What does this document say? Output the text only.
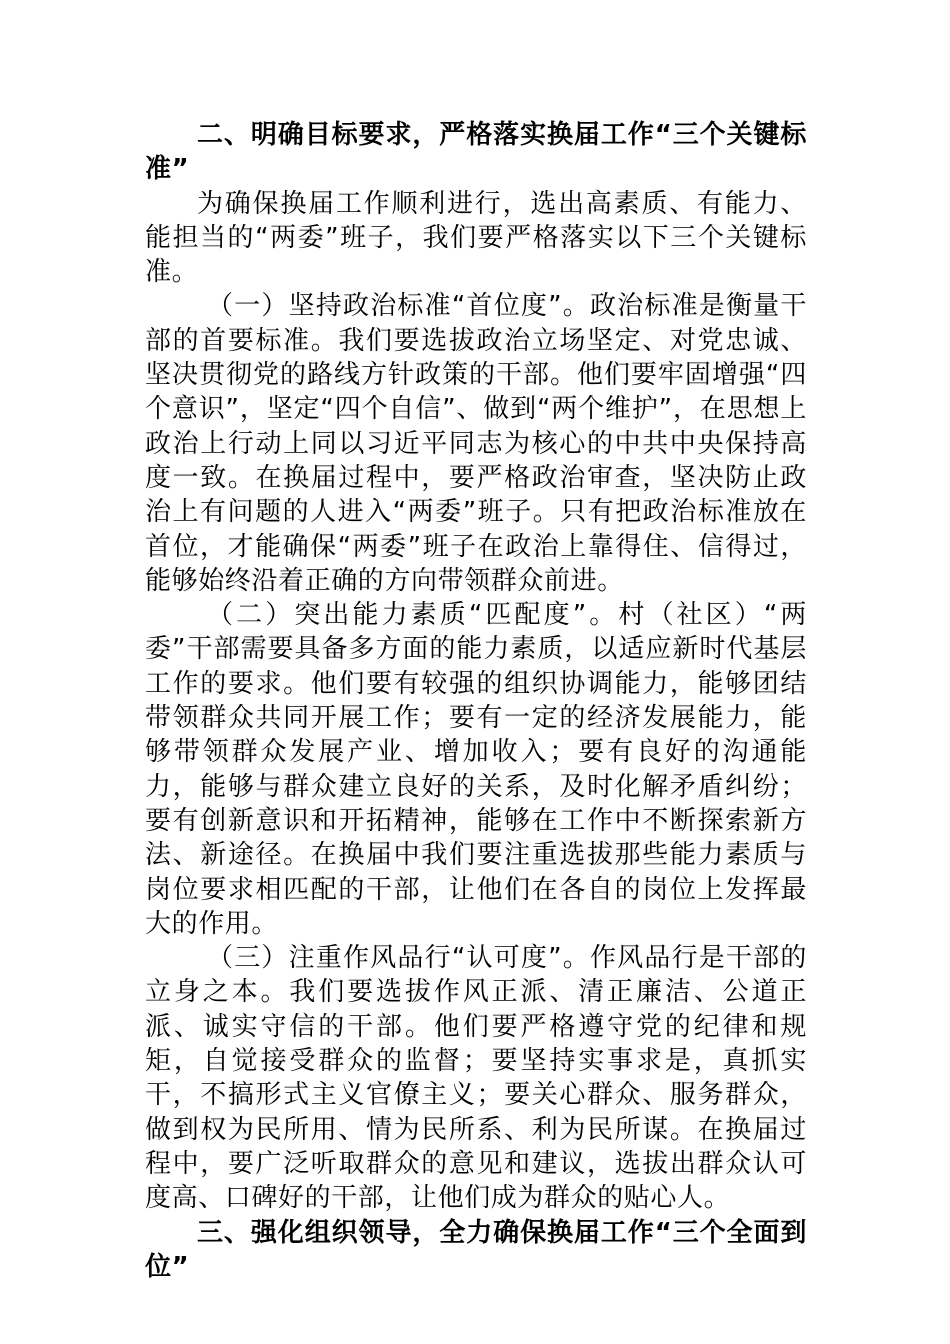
二、明确目标要求，严格落实换届工作“三个关键标准”

为确保换届工作顺利进行，选出高素质、有能力、能担当的“两委”班子，我们要严格落实以下三个关键标准。

（一）坚持政治标准“首位度”。政治标准是衡量干部的首要标准。我们要选拔政治立场坚定、对党忠诚、坚决贯彻党的路线方针政策的干部。他们要牢固增强“四个意识”，坚定“四个自信”、做到“两个维护”，在思想上政治上行动上同以习近平同志为核心的中共中央保持高度一致。在换届过程中，要严格政治审查，坚决防止政治上有问题的人进入“两委”班子。只有把政治标准放在首位，才能确保“两委”班子在政治上靠得住、信得过，能够始终沿着正确的方向带领群众前进。

（二）突出能力素质“匹配度”。村（社区）“两委”干部需要具备多方面的能力素质，以适应新时代基层工作的要求。他们要有较强的组织协调能力，能够团结带领群众共同开展工作；要有一定的经济发展能力，能够带领群众发展产业、增加收入；要有良好的沟通能力，能够与群众建立良好的关系，及时化解矛盾纠纷；要有创新意识和开拓精神，能够在工作中不断探索新方法、新途径。在换届中我们要注重选拔那些能力素质与岗位要求相匹配的干部，让他们在各自的岗位上发挥最大的作用。

（三）注重作风品行“认可度”。作风品行是干部的立身之本。我们要选拔作风正派、清正廉洁、公道正派、诚实守信的干部。他们要严格遵守党的纪律和规矩，自觉接受群众的监督；要坚持实事求是，真抓实干，不搞形式主义官僚主义；要关心群众、服务群众，做到权为民所用、情为民所系、利为民所谋。在换届过程中，要广泛听取群众的意见和建议，选拔出群众认可度高、口碑好的干部，让他们成为群众的贴心人。

三、强化组织领导，全力确保换届工作“三个全面到位”
